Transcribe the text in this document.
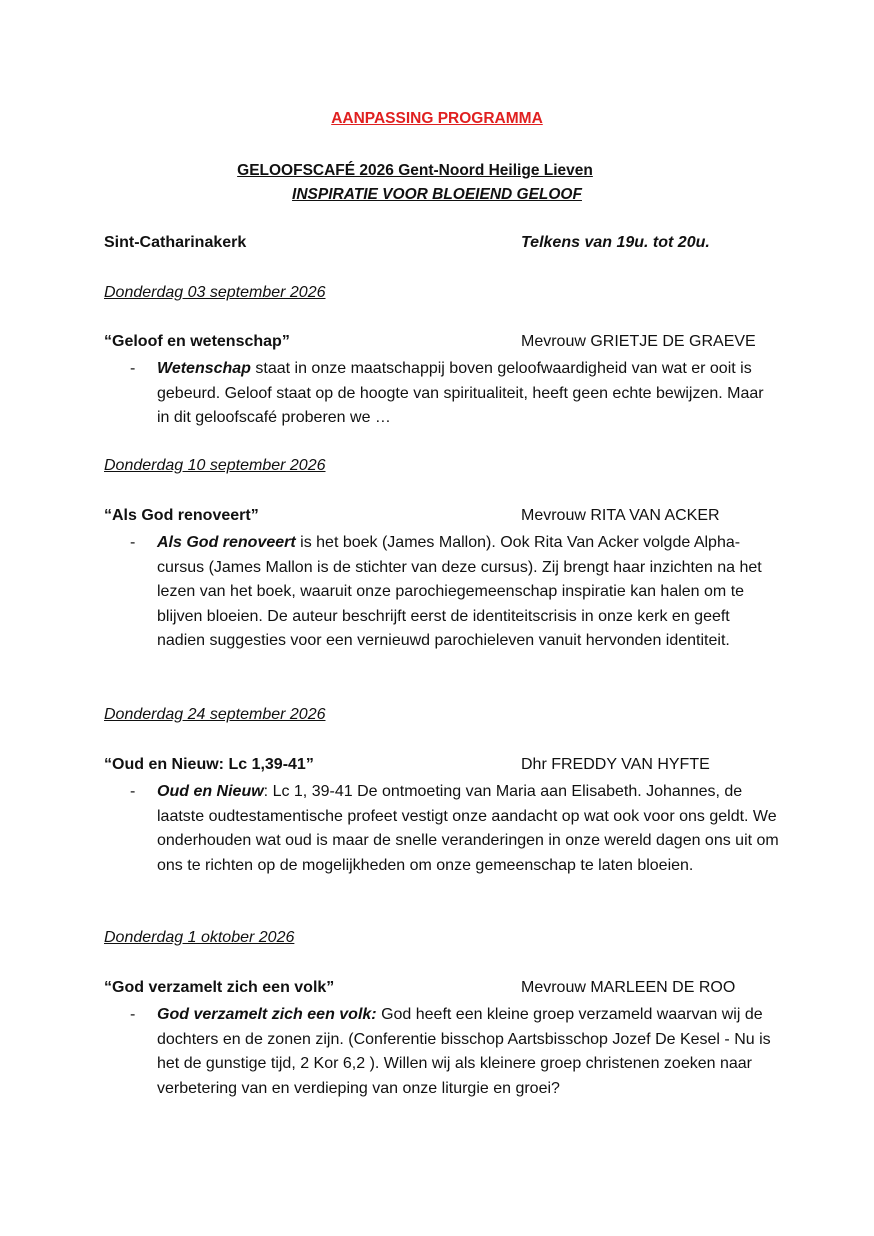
AANPASSING PROGRAMMA
GELOOFSCAFÉ 2026 Gent-Noord Heilige Lieven
INSPIRATIE VOOR BLOEIEND GELOOF
Sint-Catharinakerk	Telkens van 19u. tot 20u.
Donderdag 03 september 2026
“Geloof en wetenschap”	Mevrouw GRIETJE DE GRAEVE
- Wetenschap staat in onze maatschappij boven geloofwaardigheid van wat er ooit is gebeurd. Geloof staat op de hoogte van spiritualiteit, heeft geen echte bewijzen. Maar in dit geloofscafé proberen we …
Donderdag 10 september 2026
“Als God renoveert”	Mevrouw RITA VAN ACKER
- Als God renoveert is het boek (James Mallon). Ook Rita Van Acker volgde Alpha-cursus (James Mallon is de stichter van deze cursus). Zij brengt haar inzichten na het lezen van het boek, waaruit onze parochiegemeenschap inspiratie kan halen om te blijven bloeien. De auteur beschrijft eerst de identiteitscrisis in onze kerk en geeft nadien suggesties voor een vernieuwd parochieleven vanuit hervonden identiteit.
Donderdag 24 september 2026
“Oud en Nieuw: Lc 1,39-41”	Dhr FREDDY VAN HYFTE
- Oud en Nieuw: Lc 1, 39-41 De ontmoeting van Maria aan Elisabeth. Johannes, de laatste oudtestamentische profeet vestigt onze aandacht op wat ook voor ons geldt. We onderhouden wat oud is maar de snelle veranderingen in onze wereld dagen ons uit om ons te richten op de mogelijkheden om onze gemeenschap te laten bloeien.
Donderdag 1 oktober 2026
“God verzamelt zich een volk”	Mevrouw MARLEEN DE ROO
- God verzamelt zich een volk: God heeft een kleine groep verzameld waarvan wij de dochters en de zonen zijn. (Conferentie bisschop Aartsbisschop Jozef De Kesel - Nu is het de gunstige tijd, 2 Kor 6,2 ). Willen wij als kleinere groep christenen zoeken naar verbetering van en verdieping van onze liturgie en groei?
